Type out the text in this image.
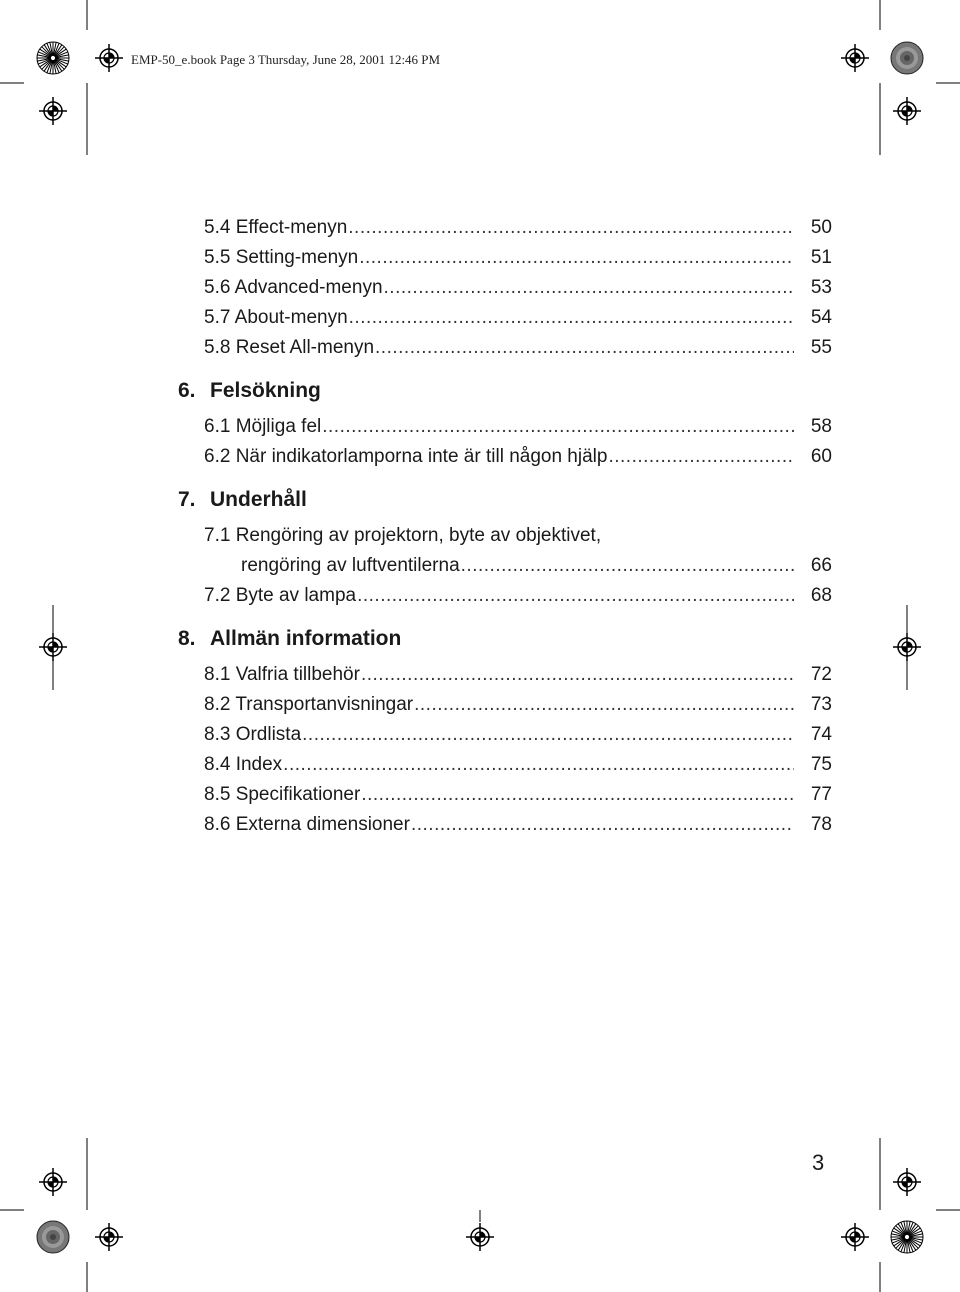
EMP-50_e.book Page 3 Thursday, June 28, 2001 12:46 PM
5.4 Effect-menyn .....	50
5.5 Setting-menyn .....	51
5.6 Advanced-menyn .....	53
5.7 About-menyn .....	54
5.8 Reset All-menyn .....	55
6. Felsökning
6.1 Möjliga fel .....	58
6.2 När indikatorlamporna inte är till någon hjälp .....	60
7. Underhåll
7.1 Rengöring av projektorn, byte av objektivet,
rengöring av luftventilerna .....	66
7.2 Byte av lampa .....	68
8. Allmän information
8.1 Valfria tillbehör .....	72
8.2 Transportanvisningar .....	73
8.3 Ordlista .....	74
8.4 Index .....	75
8.5 Specifikationer .....	77
8.6 Externa dimensioner .....	78
3
